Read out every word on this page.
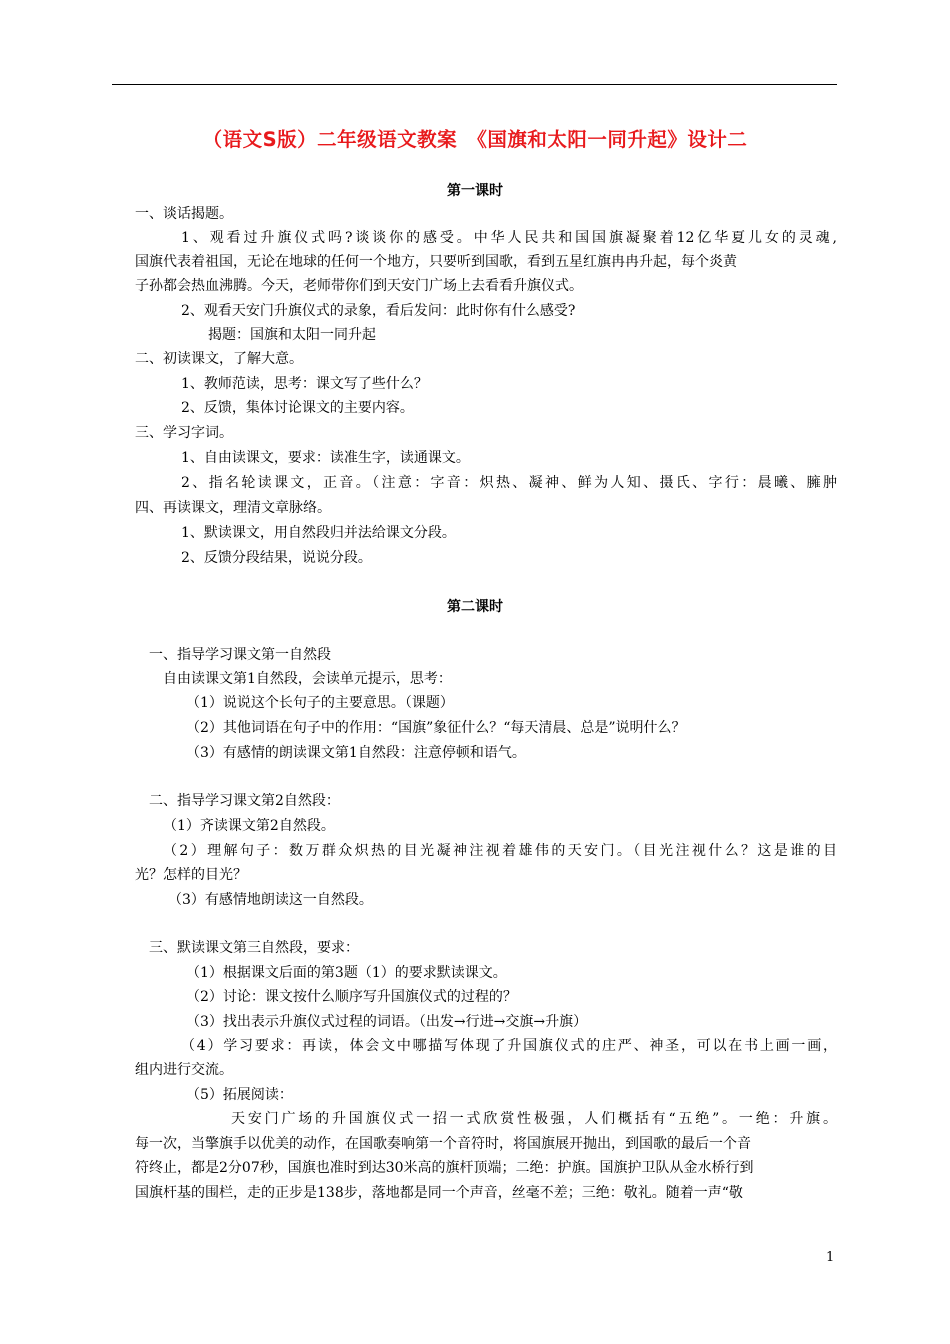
（语文S版）二年级语文教案　《国旗和太阳一同升起》设计二
第一课时
一、谈话揭题。
1、观看过升旗仪式吗?谈谈你的感受。中华人民共和国国旗凝聚着12亿华夏儿女的灵魂,
国旗代表着祖国，无论在地球的任何一个地方，只要听到国歌，看到五星红旗冉冉升起，每个炎黄
子孙都会热血沸腾。今天，老师带你们到天安门广场上去看看升旗仪式。
2、观看天安门升旗仪式的录象，看后发问：此时你有什么感受?
揭题：国旗和太阳一同升起
二、初读课文，了解大意。
1、教师范读，思考：课文写了些什么？
2、反馈，集体讨论课文的主要内容。
三、学习字词。
1、自由读课文，要求：读准生字，读通课文。
2、指名轮读课文，正音。（注意：字音：炽热、凝神、鲜为人知、摄氏、字行：晨曦、臃肿
四、再读课文，理清文章脉络。
1、默读课文，用自然段归并法给课文分段。
2、反馈分段结果，说说分段。
第二课时
一、指导学习课文第一自然段
自由读课文第1自然段，会读单元提示，思考：
（1）说说这个长句子的主要意思。（课题）
（2）其他词语在句子中的作用：“国旗”象征什么？“每天清晨、总是”说明什么？
（3）有感情的朗读课文第1自然段：注意停顿和语气。
二、指导学习课文第2自然段：
（1）齐读课文第2自然段。
（2）理解句子：数万群众炽热的目光凝神注视着雄伟的天安门。（目光注视什么？这是谁的目
光？怎样的目光？
（3）有感情地朗读这一自然段。
三、默读课文第三自然段，要求：
（1）根据课文后面的第3题（1）的要求默读课文。
（2）讨论：课文按什么顺序写升国旗仪式的过程的？
（3）找出表示升旗仪式过程的词语。（出发→行进→交旗→升旗）
（4）学习要求：再读，体会文中哪描写体现了升国旗仪式的庄严、神圣，可以在书上画一画，
组内进行交流。
（5）拓展阅读：
天安门广场的升国旗仪式一招一式欣赏性极强，人们概括有“五绝”。一绝：升旗。
每一次，当擎旗手以优美的动作，在国歌奏响第一个音符时，将国旗展开抛出，到国歌的最后一个音
符终止，都是2分07秒，国旗也准时到达30米高的旗杆顶端；二绝：护旗。国旗护卫队从金水桥行到
国旗杆基的围栏，走的正步是138步，落地都是同一个声音，丝毫不差；三绝：敬礼。随着一声“敬
1
